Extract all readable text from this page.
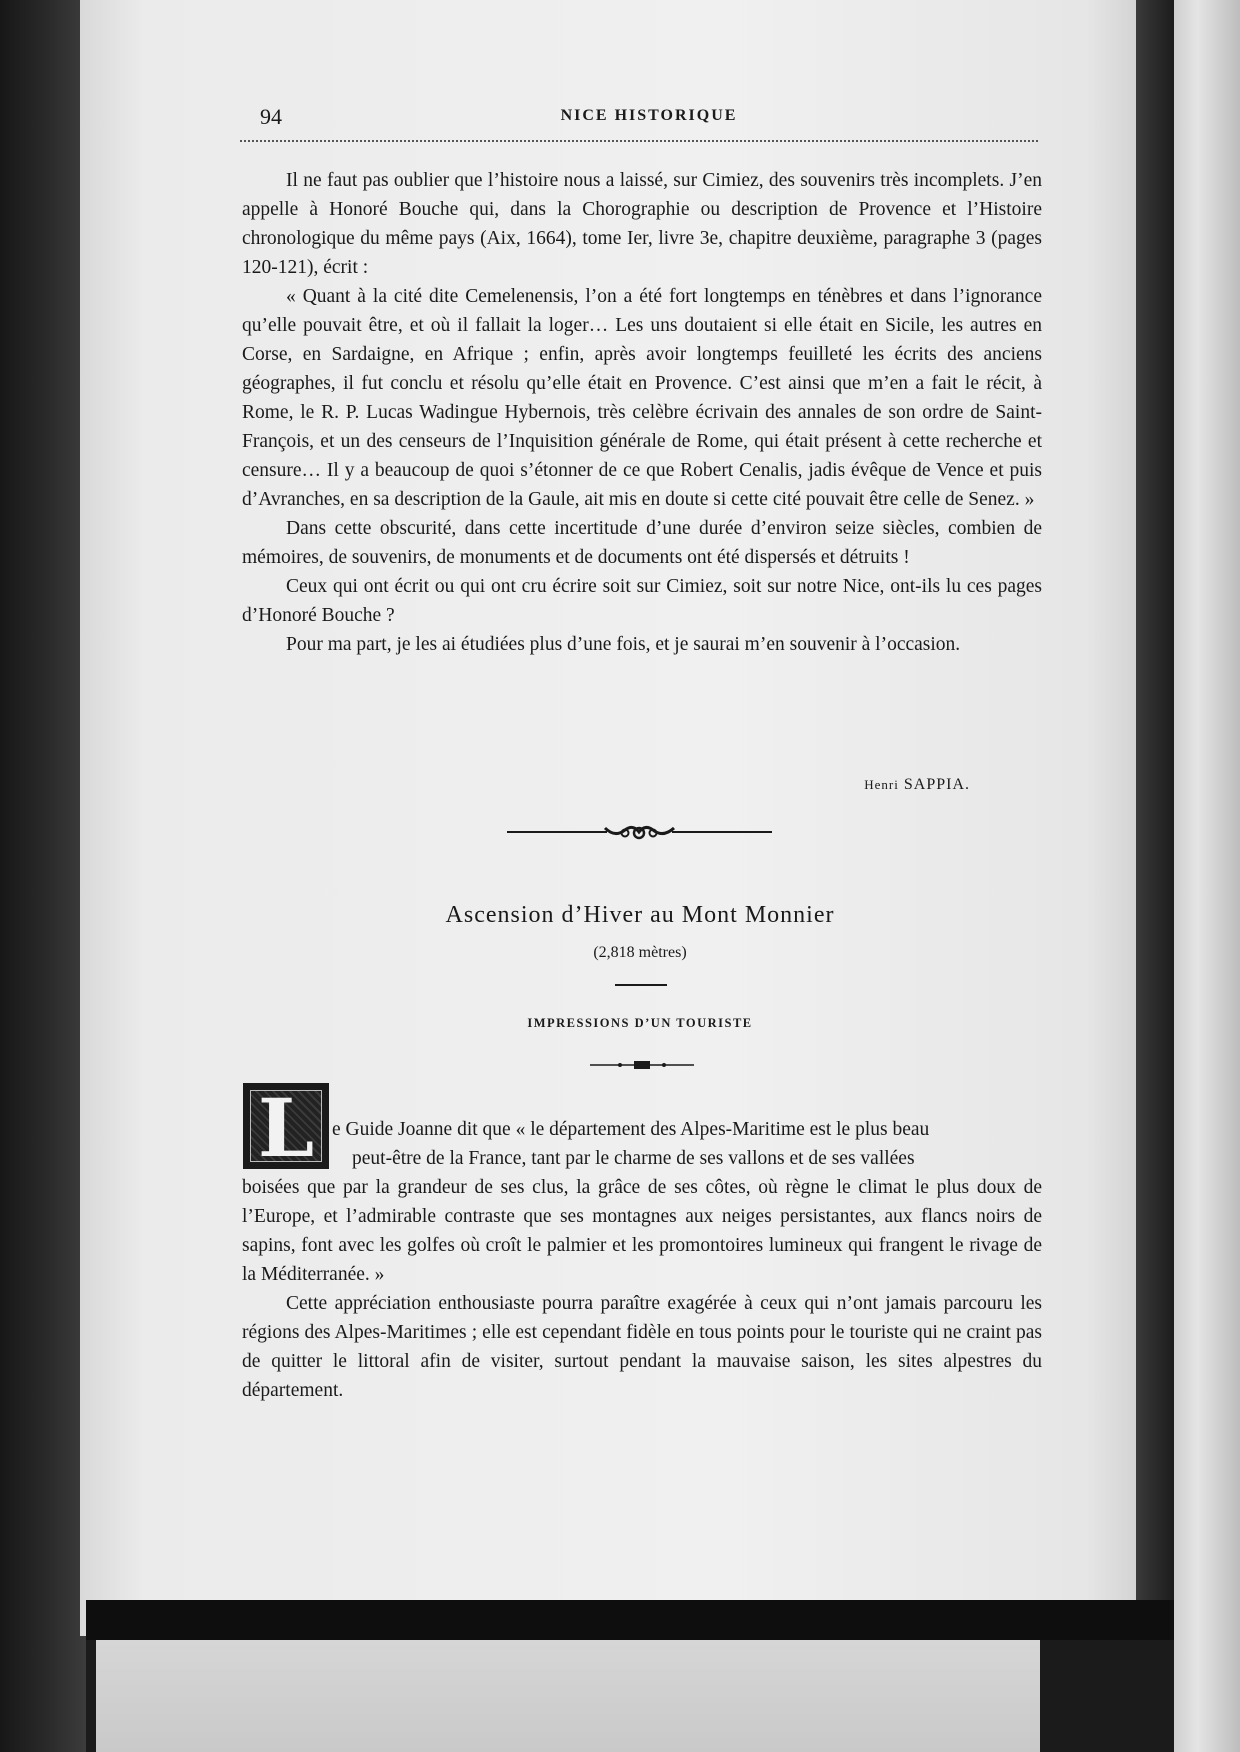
94	NICE HISTORIQUE

Il ne faut pas oublier que l’histoire nous a laissé, sur Cimiez, des souvenirs très incomplets. J’en appelle à Honoré Bouche qui, dans la Chorographie ou description de Provence et l’Histoire chronologique du même pays (Aix, 1664), tome Ier, livre 3e, chapitre deuxième, paragraphe 3 (pages 120-121), écrit :

« Quant à la cité dite Cemelenensis, l’on a été fort longtemps en ténèbres et dans l’ignorance qu’elle pouvait être, et où il fallait la loger… Les uns doutaient si elle était en Sicile, les autres en Corse, en Sardaigne, en Afrique ; enfin, après avoir longtemps feuilleté les écrits des anciens géographes, il fut conclu et résolu qu’elle était en Provence. C’est ainsi que m’en a fait le récit, à Rome, le R. P. Lucas Wadingue Hybernois, très celèbre écrivain des annales de son ordre de Saint-François, et un des censeurs de l’Inquisition générale de Rome, qui était présent à cette recherche et censure… Il y a beaucoup de quoi s’étonner de ce que Robert Cenalis, jadis évêque de Vence et puis d’Avranches, en sa description de la Gaule, ait mis en doute si cette cité pouvait être celle de Senez. »

Dans cette obscurité, dans cette incertitude d’une durée d’environ seize siècles, combien de mémoires, de souvenirs, de monuments et de documents ont été dispersés et détruits !

Ceux qui ont écrit ou qui ont cru écrire soit sur Cimiez, soit sur notre Nice, ont-ils lu ces pages d’Honoré Bouche ?

Pour ma part, je les ai étudiées plus d’une fois, et je saurai m’en souvenir à l’occasion.

Henri SAPPIA.
Ascension d’Hiver au Mont Monnier
(2,818 mètres)
IMPRESSIONS D’UN TOURISTE
L e Guide Joanne dit que « le département des Alpes-Maritime est le plus beau
peut-être de la France, tant par le charme de ses vallons et de ses vallées

boisées que par la grandeur de ses clus, la grâce de ses côtes, où règne le climat le plus doux de l’Europe, et l’admirable contraste que ses montagnes aux neiges persistantes, aux flancs noirs de sapins, font avec les golfes où croît le palmier et les promontoires lumineux qui frangent le rivage de la Méditerranée. »

Cette appréciation enthousiaste pourra paraître exagérée à ceux qui n’ont jamais parcouru les régions des Alpes-Maritimes ; elle est cependant fidèle en tous points pour le touriste qui ne craint pas de quitter le littoral afin de visiter, surtout pendant la mauvaise saison, les sites alpestres du département.
